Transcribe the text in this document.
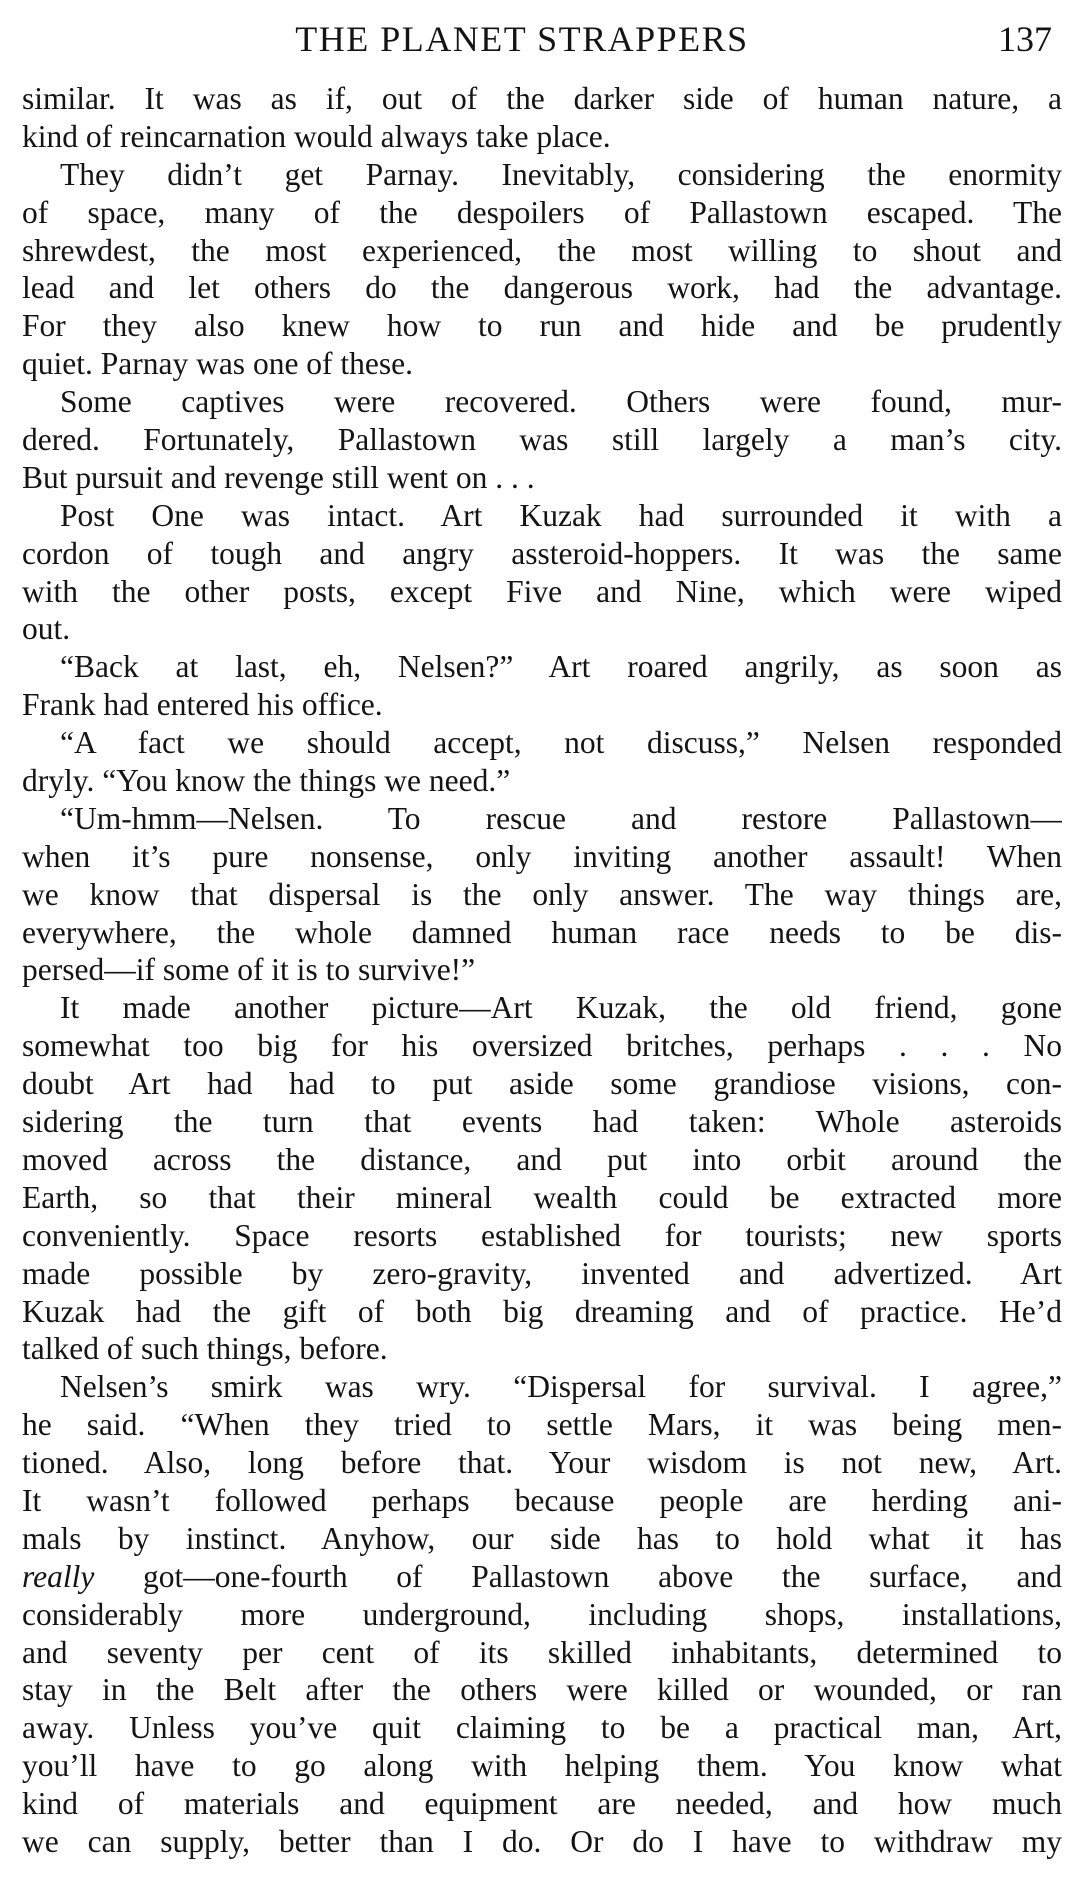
THE PLANET STRAPPERS	137
similar. It was as if, out of the darker side of human nature, a
kind of reincarnation would always take place.
They didn’t get Parnay. Inevitably, considering the enormity
of space, many of the despoilers of Pallastown escaped. The
shrewdest, the most experienced, the most willing to shout and
lead and let others do the dangerous work, had the advantage.
For they also knew how to run and hide and be prudently
quiet. Parnay was one of these.
Some captives were recovered. Others were found, mur-
dered. Fortunately, Pallastown was still largely a man’s city.
But pursuit and revenge still went on . . .
Post One was intact. Art Kuzak had surrounded it with a
cordon of tough and angry assteroid-hoppers. It was the same
with the other posts, except Five and Nine, which were wiped
out.
“Back at last, eh, Nelsen?” Art roared angrily, as soon as
Frank had entered his office.
“A fact we should accept, not discuss,” Nelsen responded
dryly. “You know the things we need.”
“Um-hmm—Nelsen. To rescue and restore Pallastown—
when it’s pure nonsense, only inviting another assault! When
we know that dispersal is the only answer. The way things are,
everywhere, the whole damned human race needs to be dis-
persed—if some of it is to survive!”
It made another picture—Art Kuzak, the old friend, gone
somewhat too big for his oversized britches, perhaps . . . No
doubt Art had had to put aside some grandiose visions, con-
sidering the turn that events had taken: Whole asteroids
moved across the distance, and put into orbit around the
Earth, so that their mineral wealth could be extracted more
conveniently. Space resorts established for tourists; new sports
made possible by zero-gravity, invented and advertized. Art
Kuzak had the gift of both big dreaming and of practice. He’d
talked of such things, before.
Nelsen’s smirk was wry. “Dispersal for survival. I agree,”
he said. “When they tried to settle Mars, it was being men-
tioned. Also, long before that. Your wisdom is not new, Art.
It wasn’t followed perhaps because people are herding ani-
mals by instinct. Anyhow, our side has to hold what it has
really got—one-fourth of Pallastown above the surface, and
considerably more underground, including shops, installations,
and seventy per cent of its skilled inhabitants, determined to
stay in the Belt after the others were killed or wounded, or ran
away. Unless you’ve quit claiming to be a practical man, Art,
you’ll have to go along with helping them. You know what
kind of materials and equipment are needed, and how much
we can supply, better than I do. Or do I have to withdraw my
